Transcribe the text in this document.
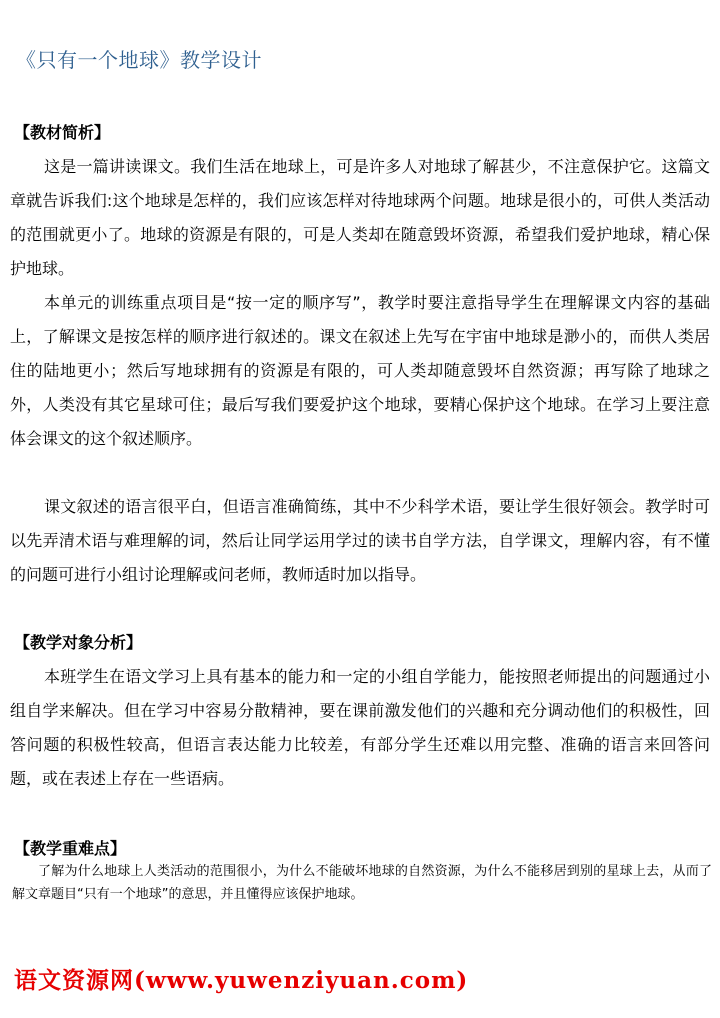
《只有一个地球》教学设计
【教材简析】

这是一篇讲读课文。我们生活在地球上，可是许多人对地球了解甚少，不注意保护它。这篇文章就告诉我们:这个地球是怎样的，我们应该怎样对待地球两个问题。地球是很小的，可供人类活动的范围就更小了。地球的资源是有限的，可是人类却在随意毁坏资源，希望我们爱护地球，精心保护地球。

本单元的训练重点项目是“按一定的顺序写”，教学时要注意指导学生在理解课文内容的基础上，了解课文是按怎样的顺序进行叙述的。课文在叙述上先写在宇宙中地球是渺小的，而供人类居住的陆地更小；然后写地球拥有的资源是有限的，可人类却随意毁坏自然资源；再写除了地球之外，人类没有其它星球可住；最后写我们要爱护这个地球，要精心保护这个地球。在学习上要注意体会课文的这个叙述顺序。

课文叙述的语言很平白，但语言准确简练，其中不少科学术语，要让学生很好领会。教学时可以先弄清术语与难理解的词，然后让同学运用学过的读书自学方法，自学课文，理解内容，有不懂的问题可进行小组讨论理解或问老师，教师适时加以指导。

【教学对象分析】

本班学生在语文学习上具有基本的能力和一定的小组自学能力，能按照老师提出的问题通过小组自学来解决。但在学习中容易分散精神，要在课前激发他们的兴趣和充分调动他们的积极性，回答问题的积极性较高，但语言表达能力比较差，有部分学生还难以用完整、准确的语言来回答问题，或在表述上存在一些语病。

【教学重难点】

了解为什么地球上人类活动的范围很小，为什么不能破坏地球的自然资源，为什么不能移居到别的星球上去，从而了解文章题目“只有一个地球”的意思，并且懂得应该保护地球。

语文资源网(www.yuwenziyuan.com)
